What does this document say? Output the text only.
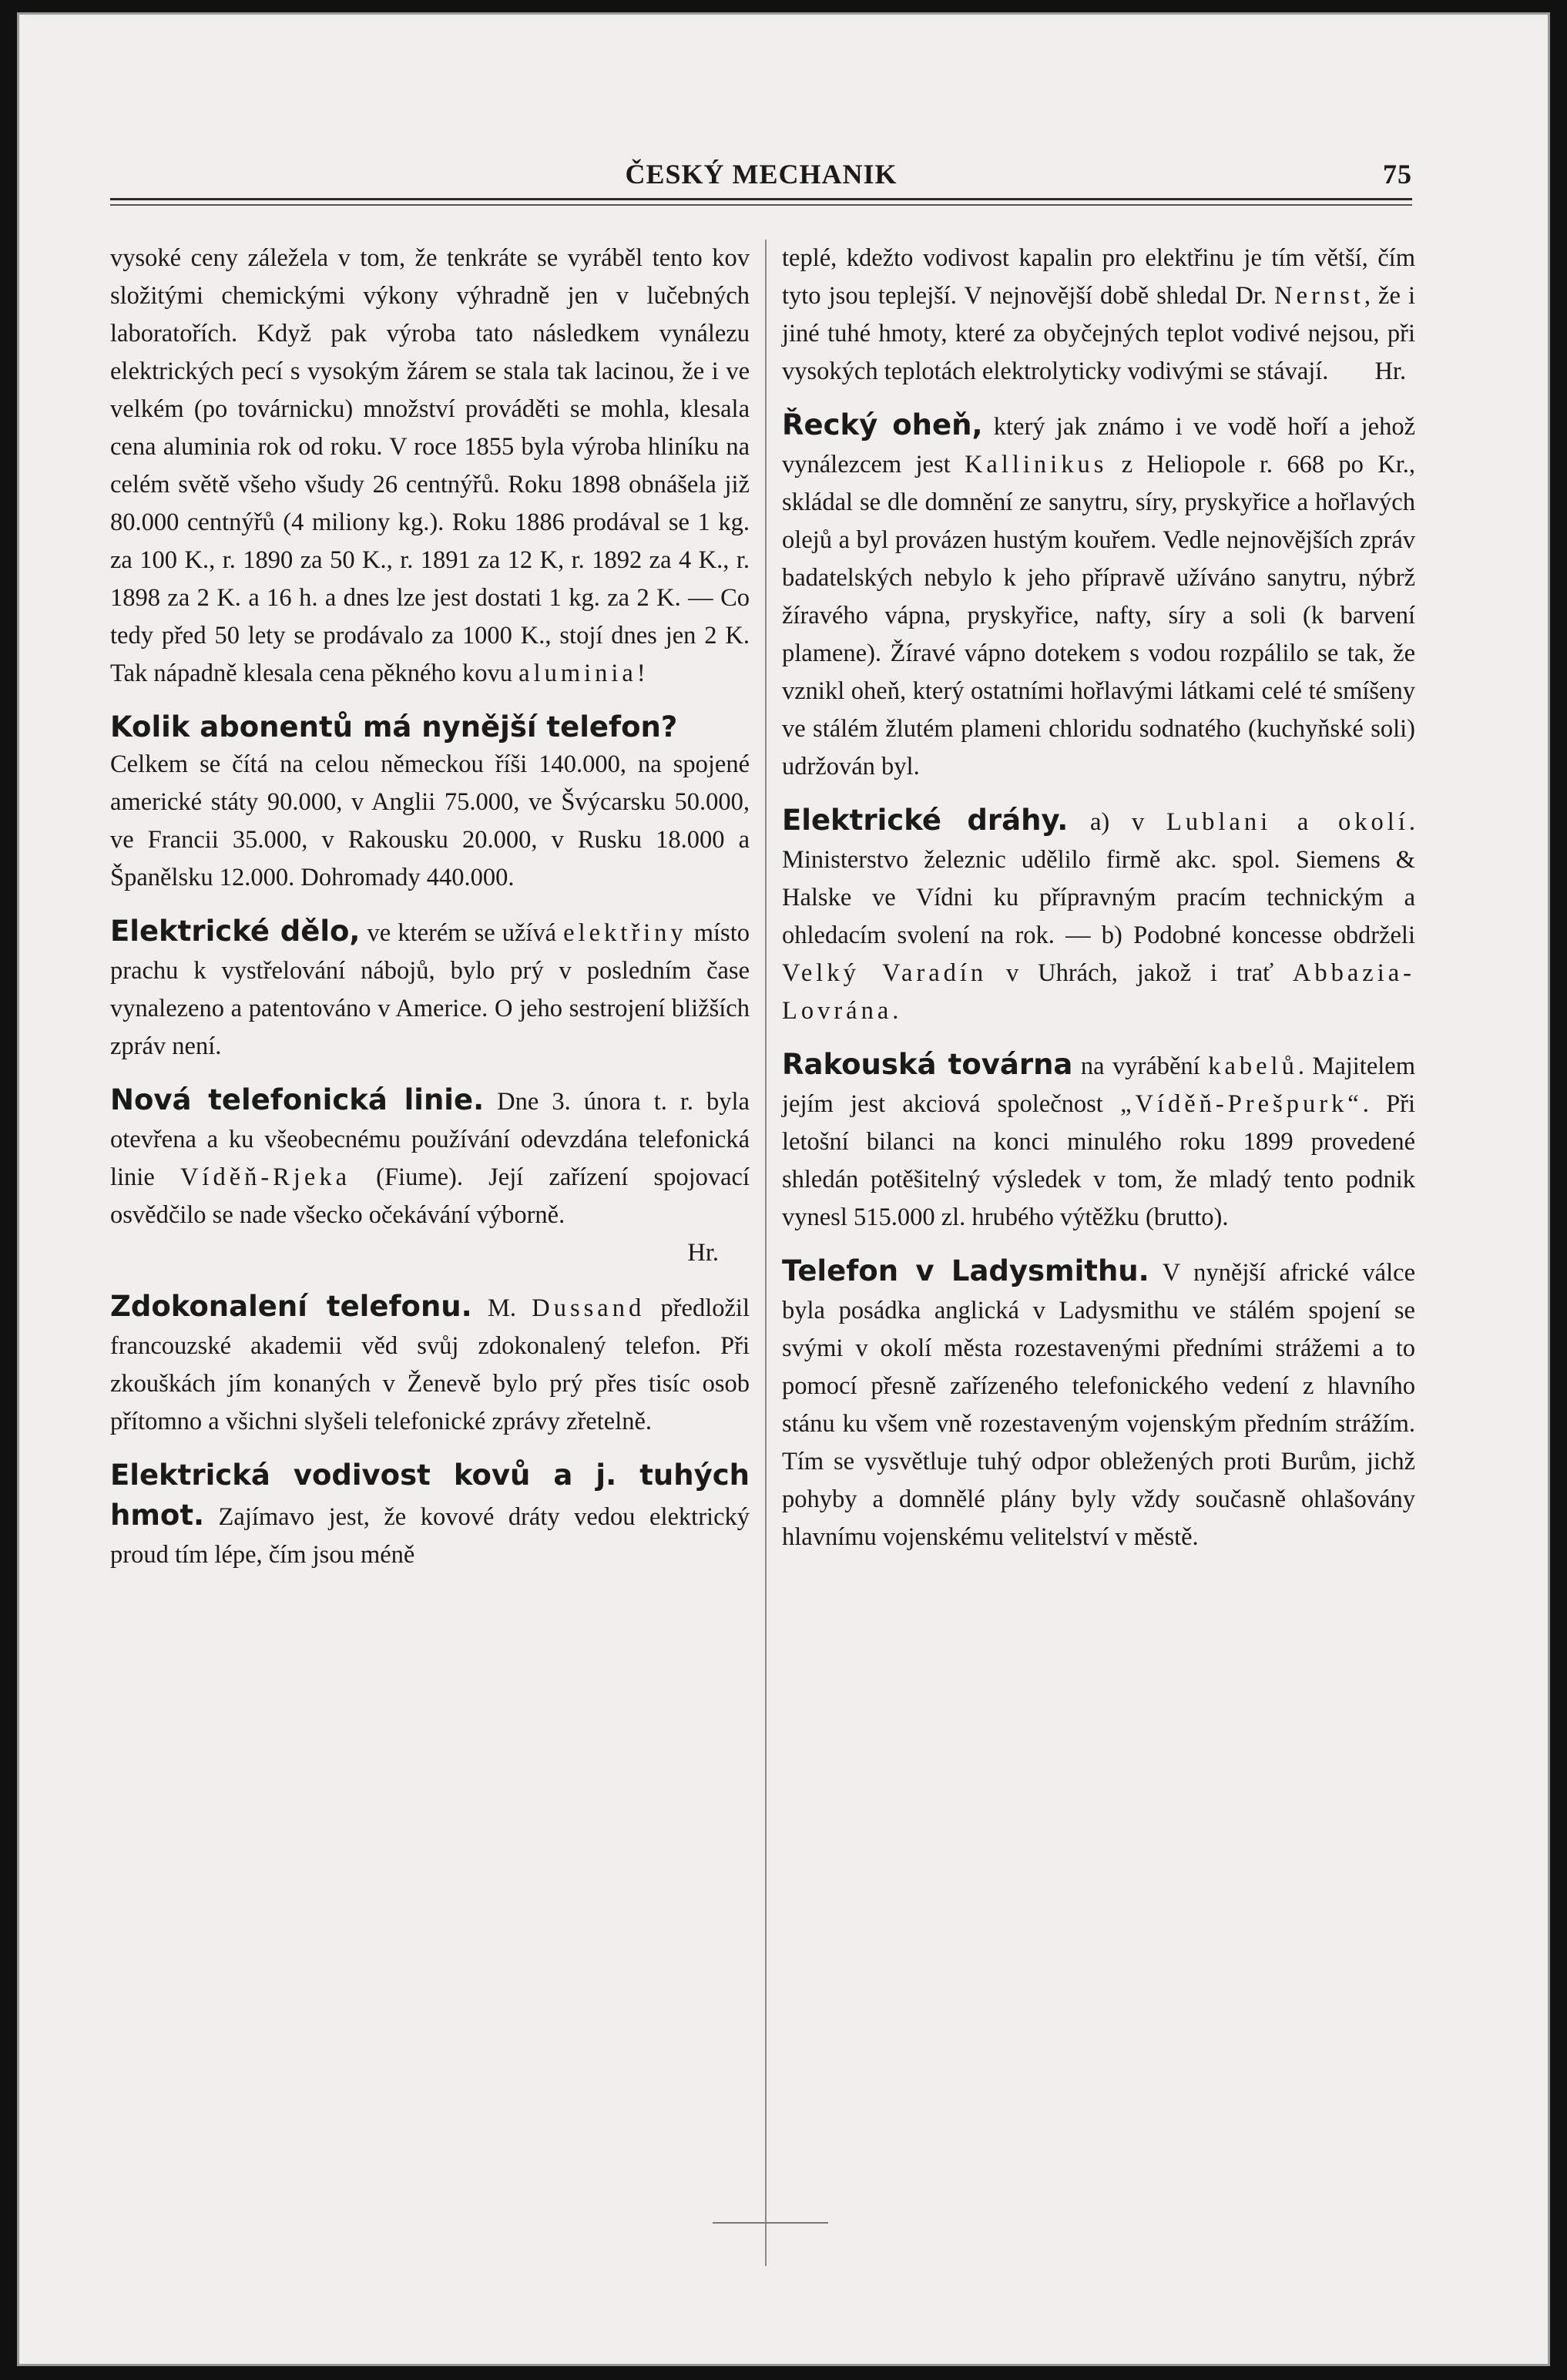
ČESKÝ MECHANIK	75

vysoké ceny záležela v tom, že tenkráte se vyráběl tento kov složitými chemickými výkony výhradně jen v lučebných laboratořích. Když pak výroba tato následkem vynálezu elektrických pecí s vysokým žárem se stala tak lacinou, že i ve velkém (po továrnicku) množství prováděti se mohla, klesala cena aluminia rok od roku. V roce 1855 byla výroba hliníku na celém světě všeho všudy 26 centnýřů. Roku 1898 obnášela již 80.000 centnýřů (4 miliony kg.). Roku 1886 prodával se 1 kg. za 100 K., r. 1890 za 50 K., r. 1891 za 12 K, r. 1892 za 4 K., r. 1898 za 2 K. a 16 h. a dnes lze jest dostati 1 kg. za 2 K. — Co tedy před 50 lety se prodávalo za 1000 K., stojí dnes jen 2 K. Tak nápadně klesala cena pěkného kovu aluminia!

Kolik abonentů má nynější telefon?

Celkem se čítá na celou německou říši 140.000, na spojené americké státy 90.000, v Anglii 75.000, ve Švýcarsku 50.000, ve Francii 35.000, v Rakousku 20.000, v Rusku 18.000 a Španělsku 12.000. Dohromady 440.000.

Elektrické dělo, ve kterém se užívá elektřiny místo prachu k vystřelování nábojů, bylo prý v posledním čase vynalezeno a patentováno v Americe. O jeho sestrojení bližších zpráv není.

Nová telefonická linie. Dne 3. února t. r. byla otevřena a ku všeobecnému používání odevzdána telefonická linie Víděň-Rjeka (Fiume). Její zařízení spojovací osvědčilo se nade všecko očekávání výborně.

Hr.

Zdokonalení telefonu. M. Dussand předložil francouzské akademii věd svůj zdokonalený telefon. Při zkouškách jím konaných v Ženevě bylo prý přes tisíc osob přítomno a všichni slyšeli telefonické zprávy zřetelně.

Elektrická vodivost kovů a j. tuhých hmot. Zajímavo jest, že kovové dráty vedou elektrický proud tím lépe, čím jsou méně

teplé, kdežto vodivost kapalin pro elektřinu je tím větší, čím tyto jsou teplejší. V nejnovější době shledal Dr. Nernst, že i jiné tuhé hmoty, které za obyčejných teplot vodivé nejsou, při vysokých teplotách elektrolyticky vodivými se stávají. Hr.

Řecký oheň, který jak známo i ve vodě hoří a jehož vynálezcem jest Kallinikus z Heliopole r. 668 po Kr., skládal se dle domnění ze sanytru, síry, pryskyřice a hořlavých olejů a byl provázen hustým kouřem. Vedle nejnovějších zpráv badatelských nebylo k jeho přípravě užíváno sanytru, nýbrž žíravého vápna, pryskyřice, nafty, síry a soli (k barvení plamene). Žíravé vápno dotekem s vodou rozpálilo se tak, že vznikl oheň, který ostatními hořlavými látkami celé té smíšeny ve stálém žlutém plameni chloridu sodnatého (kuchyňské soli) udržován byl.

Elektrické dráhy. a) v Lublani a okolí. Ministerstvo železnic udělilo firmě akc. spol. Siemens & Halske ve Vídni ku přípravným pracím technickým a ohledacím svolení na rok. — b) Podobné koncesse obdrželi Velký Varadín v Uhrách, jakož i trať Abbazia-Lovrána.

Rakouská továrna na vyrábění kabelů. Majitelem jejím jest akciová společnost „Víděň-Prešpurk“. Při letošní bilanci na konci minulého roku 1899 provedené shledán potěšitelný výsledek v tom, že mladý tento podnik vynesl 515.000 zl. hrubého výtěžku (brutto).

Telefon v Ladysmithu. V nynější africké válce byla posádka anglická v Ladysmithu ve stálém spojení se svými v okolí města rozestavenými předními strážemi a to pomocí přesně zařízeného telefonického vedení z hlavního stánu ku všem vně rozestaveným vojenským předním strážím. Tím se vysvětluje tuhý odpor obležených proti Burům, jichž pohyby a domnělé plány byly vždy současně ohlašovány hlavnímu vojenskému velitelství v městě.
